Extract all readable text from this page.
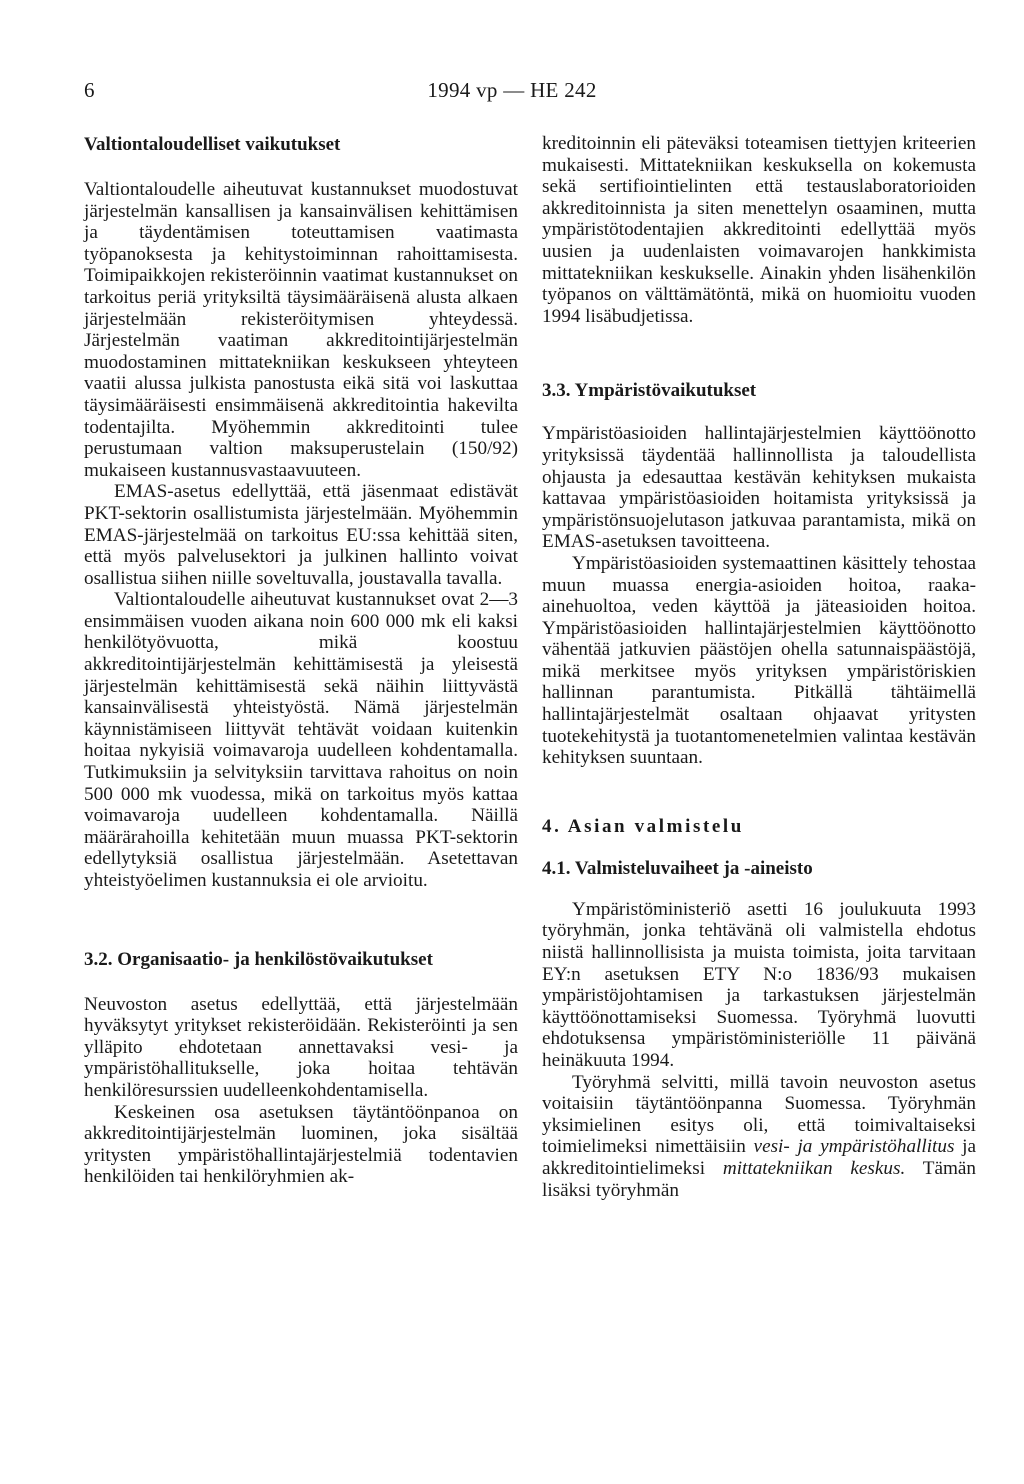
6	1994 vp — HE 242
Valtiontaloudelliset vaikutukset

Valtiontaloudelle aiheutuvat kustannukset muodostuvat järjestelmän kansallisen ja kansainvälisen kehittämisen ja täydentämisen toteuttamisen vaatimasta työpanoksesta ja kehitystoiminnan rahoittamisesta. Toimipaikkojen rekisteröinnin vaatimat kustannukset on tarkoitus periä yrityksiltä täysimääräisenä alusta alkaen järjestelmään rekisteröitymisen yhteydessä. Järjestelmän vaatiman akkreditointijärjestelmän muodostaminen mittatekniikan keskukseen yhteyteen vaatii alussa julkista panostusta eikä sitä voi laskuttaa täysimääräisesti ensimmäisenä akkreditointia hakevilta todentajilta. Myöhemmin akkreditointi tulee perustumaan valtion maksuperustelain (150/92) mukaiseen kustannusvastaavuuteen.

EMAS-asetus edellyttää, että jäsenmaat edistävät PKT-sektorin osallistumista järjestelmään. Myöhemmin EMAS-järjestelmää on tarkoitus EU:ssa kehittää siten, että myös palvelusektori ja julkinen hallinto voivat osallistua siihen niille soveltuvalla, joustavalla tavalla.

Valtiontaloudelle aiheutuvat kustannukset ovat 2—3 ensimmäisen vuoden aikana noin 600 000 mk eli kaksi henkilötyövuotta, mikä koostuu akkreditointijärjestelmän kehittämisestä ja yleisestä järjestelmän kehittämisestä sekä näihin liittyvästä kansainvälisestä yhteistyöstä. Nämä järjestelmän käynnistämiseen liittyvät tehtävät voidaan kuitenkin hoitaa nykyisiä voimavaroja uudelleen kohdentamalla. Tutkimuksiin ja selvityksiin tarvittava rahoitus on noin 500 000 mk vuodessa, mikä on tarkoitus myös kattaa voimavaroja uudelleen kohdentamalla. Näillä määrärahoilla kehitetään muun muassa PKT-sektorin edellytyksiä osallistua järjestelmään. Asetettavan yhteistyöelimen kustannuksia ei ole arvioitu.

3.2. Organisaatio- ja henkilöstövaikutukset

Neuvoston asetus edellyttää, että järjestelmään hyväksytyt yritykset rekisteröidään. Rekisteröinti ja sen ylläpito ehdotetaan annettavaksi vesi- ja ympäristöhallitukselle, joka hoitaa tehtävän henkilöresurssien uudelleenkohdentamisella.

Keskeinen osa asetuksen täytäntöönpanoa on akkreditointijärjestelmän luominen, joka sisältää yritysten ympäristöhallintajärjestelmiä todentavien henkilöiden tai henkilöryhmien ak-

kreditoinnin eli päteväksi toteamisen tiettyjen kriteerien mukaisesti. Mittatekniikan keskuksella on kokemusta sekä sertifiointielinten että testauslaboratorioiden akkreditoinnista ja siten menettelyn osaaminen, mutta ympäristötodentajien akkreditointi edellyttää myös uusien ja uudenlaisten voimavarojen hankkimista mittatekniikan keskukselle. Ainakin yhden lisähenkilön työpanos on välttämätöntä, mikä on huomioitu vuoden 1994 lisäbudjetissa.

3.3. Ympäristövaikutukset

Ympäristöasioiden hallintajärjestelmien käyttöönotto yrityksissä täydentää hallinnollista ja taloudellista ohjausta ja edesauttaa kestävän kehityksen mukaista kattavaa ympäristöasioiden hoitamista yrityksissä ja ympäristönsuojelutason jatkuvaa parantamista, mikä on EMAS-asetuksen tavoitteena.

Ympäristöasioiden systemaattinen käsittely tehostaa muun muassa energia-asioiden hoitoa, raaka-ainehuoltoa, veden käyttöä ja jäteasioiden hoitoa. Ympäristöasioiden hallintajärjestelmien käyttöönotto vähentää jatkuvien päästöjen ohella satunnaispäästöjä, mikä merkitsee myös yrityksen ympäristöriskien hallinnan parantumista. Pitkällä tähtäimellä hallintajärjestelmät osaltaan ohjaavat yritysten tuotekehitystä ja tuotantomenetelmien valintaa kestävän kehityksen suuntaan.

4. Asian valmistelu
4.1. Valmisteluvaiheet ja -aineisto

Ympäristöministeriö asetti 16 joulukuuta 1993 työryhmän, jonka tehtävänä oli valmistella ehdotus niistä hallinnollisista ja muista toimista, joita tarvitaan EY:n asetuksen ETY N:o 1836/93 mukaisen ympäristöjohtamisen ja tarkastuksen järjestelmän käyttöönottamiseksi Suomessa. Työryhmä luovutti ehdotuksensa ympäristöministeriölle 11 päivänä heinäkuuta 1994.

Työryhmä selvitti, millä tavoin neuvoston asetus voitaisiin täytäntöönpanna Suomessa. Työryhmän yksimielinen esitys oli, että toimivaltaiseksi toimielimeksi nimettäisiin vesi- ja ympäristöhallitus ja akkreditointielimeksi mittatekniikan keskus. Tämän lisäksi työryhmän
